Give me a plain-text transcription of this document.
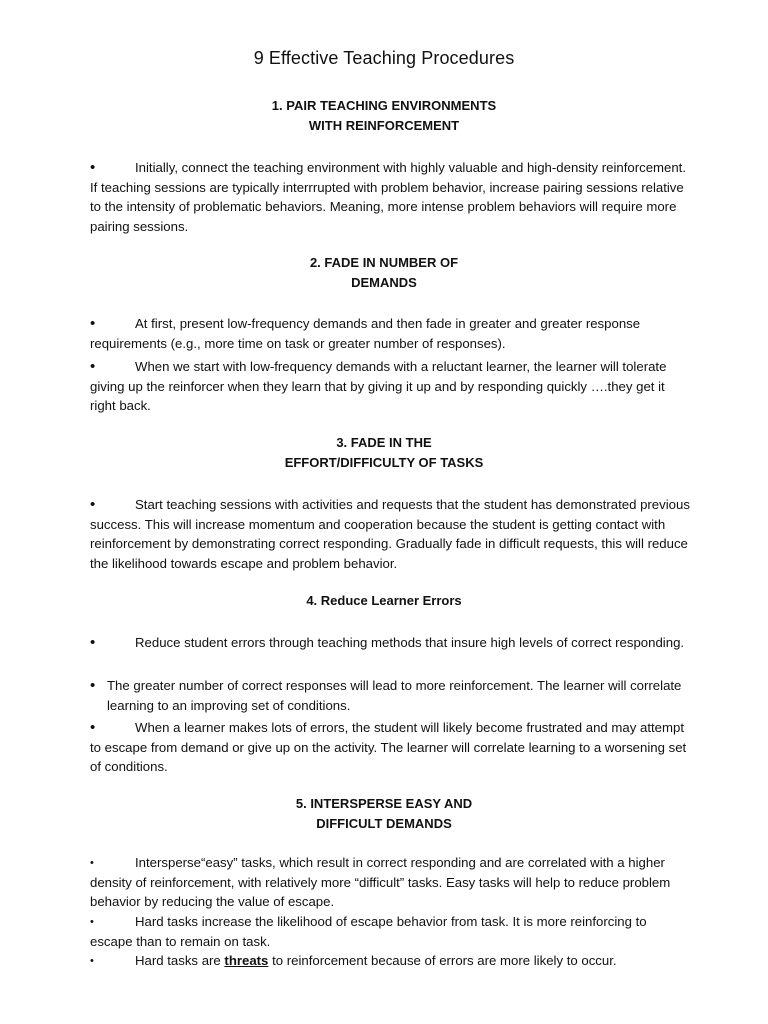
9 Effective Teaching Procedures
1. PAIR TEACHING ENVIRONMENTS
WITH REINFORCEMENT
•	Initially, connect the teaching environment with highly valuable and high-density reinforcement. If teaching sessions are typically interrrupted with problem behavior, increase pairing sessions relative to the intensity of problematic behaviors. Meaning, more intense problem behaviors will require more pairing sessions.
2. FADE IN NUMBER OF
DEMANDS
•	At first, present low-frequency demands and then fade in greater and greater response requirements (e.g., more time on task or greater number of responses).
•	When we start with low-frequency demands with a reluctant learner, the learner will tolerate giving up the reinforcer when they learn that by giving it up and by responding quickly ….they get it right back.
3. FADE IN THE
EFFORT/DIFFICULTY OF TASKS
•	Start teaching sessions with activities and requests that the student has demonstrated previous success. This will increase momentum and cooperation because the student is getting contact with reinforcement by demonstrating correct responding. Gradually fade in difficult requests, this will reduce the likelihood towards escape and problem behavior.
4. Reduce Learner Errors
•	Reduce student errors through teaching methods that insure high levels of correct responding.
• The greater number of correct responses will lead to more reinforcement. The learner will correlate learning to an improving set of conditions.
•	When a learner makes lots of errors, the student will likely become frustrated and may attempt to escape from demand or give up on the activity. The learner will correlate learning to a worsening set of conditions.
5. INTERSPERSE EASY AND
DIFFICULT DEMANDS
•	Intersperse“easy” tasks, which result in correct responding and are correlated with a higher density of reinforcement, with relatively more “difficult” tasks. Easy tasks will help to reduce problem behavior by reducing the value of escape.
•	Hard tasks increase the likelihood of escape behavior from task. It is more reinforcing to escape than to remain on task.
•	Hard tasks are threats to reinforcement because of errors are more likely to occur.
